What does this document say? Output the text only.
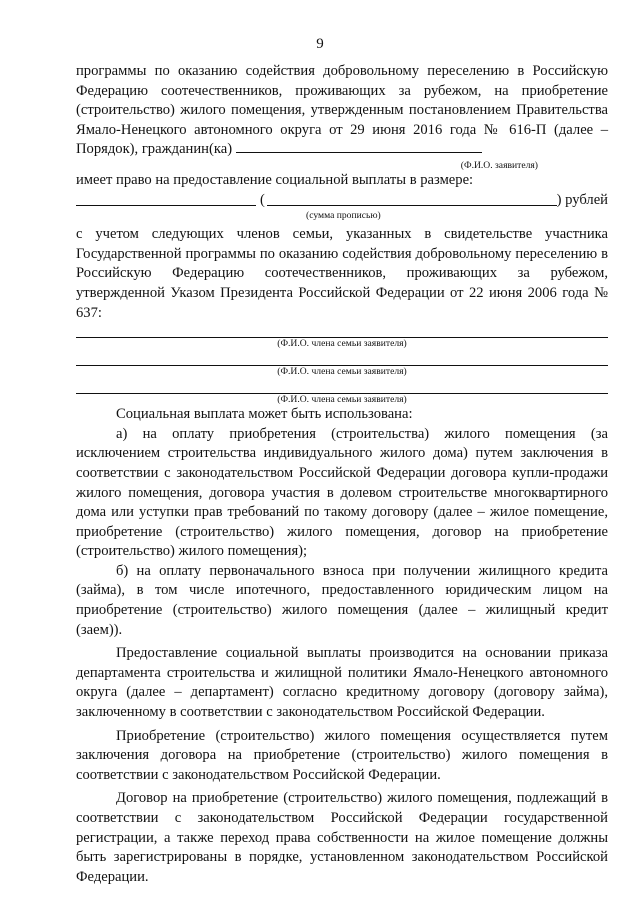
9

программы по оказанию содействия добровольному переселению в Российскую Федерацию соотечественников, проживающих за рубежом, на приобретение (строительство) жилого помещения, утвержденным постановлением Правительства Ямало-Ненецкого автономного округа от 29 июня 2016 года № 616-П (далее – Порядок), гражданин(ка)

(Ф.И.О. заявителя)

имеет право на предоставление социальной выплаты в размере:

(	) рублей
(сумма прописью)

с учетом следующих членов семьи, указанных в свидетельстве участника Государственной программы по оказанию содействия добровольному переселению в Российскую Федерацию соотечественников, проживающих за рубежом, утвержденной Указом Президента Российской Федерации от 22 июня 2006 года № 637:

(Ф.И.О. члена семьи заявителя)
(Ф.И.О. члена семьи заявителя)
(Ф.И.О. члена семьи заявителя)

Социальная выплата может быть использована:

а) на оплату приобретения (строительства) жилого помещения (за исключением строительства индивидуального жилого дома) путем заключения в соответствии с законодательством Российской Федерации договора купли-продажи жилого помещения, договора участия в долевом строительстве многоквартирного дома или уступки прав требований по такому договору (далее – жилое помещение, приобретение (строительство) жилого помещения, договор на приобретение (строительство) жилого помещения);

б) на оплату первоначального взноса при получении жилищного кредита (займа), в том числе ипотечного, предоставленного юридическим лицом на приобретение (строительство) жилого помещения (далее – жилищный кредит (заем)).

Предоставление социальной выплаты производится на основании приказа департамента строительства и жилищной политики Ямало-Ненецкого автономного округа (далее – департамент) согласно кредитному договору (договору займа), заключенному в соответствии с законодательством Российской Федерации.

Приобретение (строительство) жилого помещения осуществляется путем заключения договора на приобретение (строительство) жилого помещения в соответствии с законодательством Российской Федерации.

Договор на приобретение (строительство) жилого помещения, подлежащий в соответствии с законодательством Российской Федерации государственной регистрации, а также переход права собственности на жилое помещение должны быть зарегистрированы в порядке, установленном законодательством Российской Федерации.
